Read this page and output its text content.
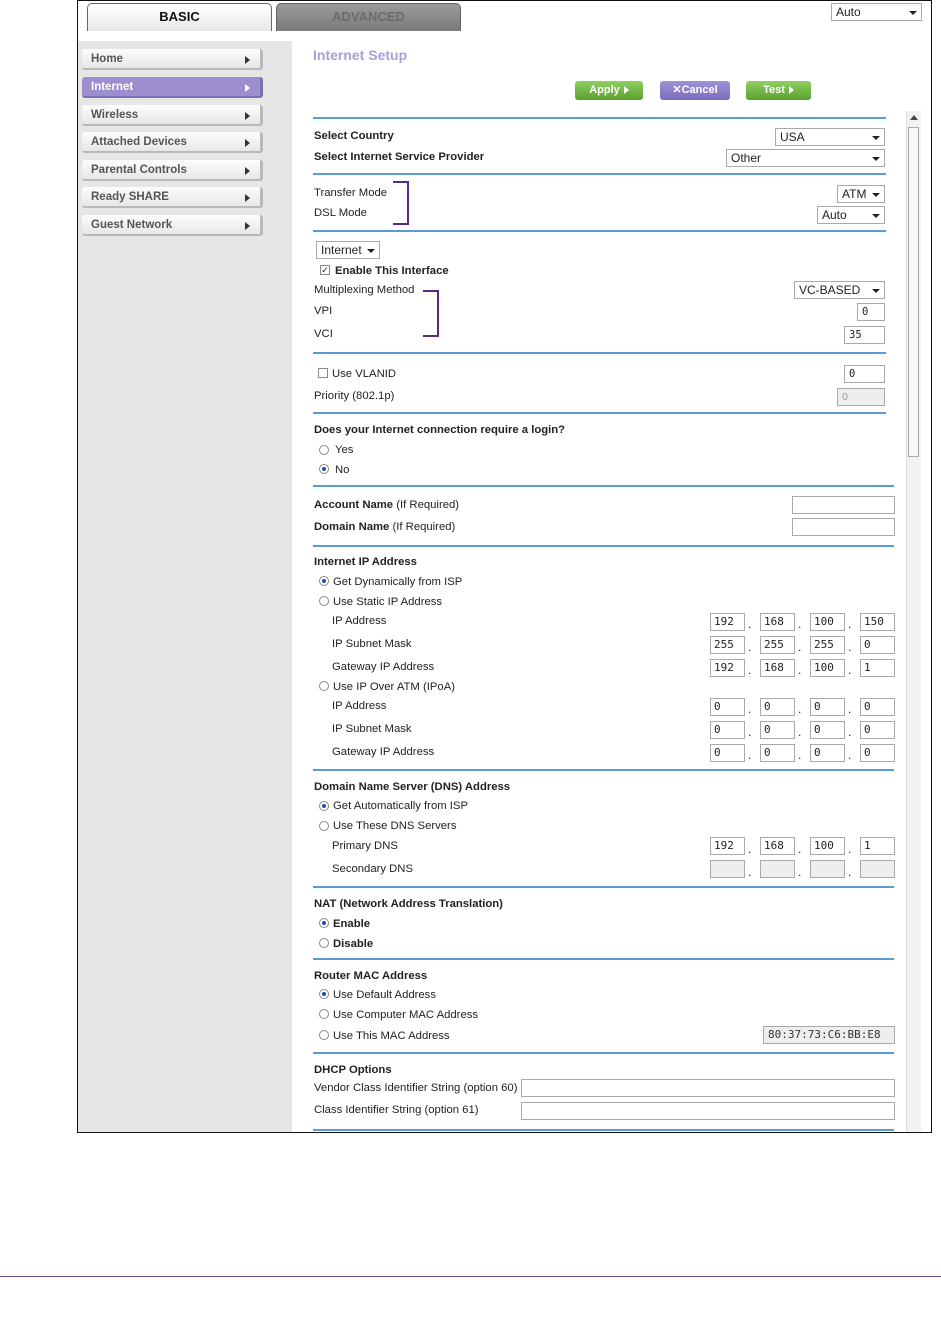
BASIC	ADVANCED	Auto
Home
Internet
Wireless
Attached Devices
Parental Controls
Ready SHARE
Guest Network
Internet Setup
Apply	✕Cancel	Test
Select Country	USA
Select Internet Service Provider	Other
Transfer Mode	ATM
DSL Mode	Auto
Internet
✓ Enable This Interface
Multiplexing Method	VC-BASED
VPI	0
VCI	35
Use VLANID	0
Priority (802.1p)	0
Does your Internet connection require a login?
Yes
No
Account Name (If Required)
Domain Name (If Required)
Internet IP Address
Get Dynamically from ISP
Use Static IP Address
IP Address	192	.	168	.	100	.	150
IP Subnet Mask	255	.	255	.	255	.	0
Gateway IP Address	192	.	168	.	100	.	1
Use IP Over ATM (IPoA)
IP Address	0	.	0	.	0	.	0
IP Subnet Mask	0	.	0	.	0	.	0
Gateway IP Address	0	.	0	.	0	.	0
Domain Name Server (DNS) Address
Get Automatically from ISP
Use These DNS Servers
Primary DNS	192	.	168	.	100	.	1
Secondary DNS	.	.	.
NAT (Network Address Translation)
Enable
Disable
Router MAC Address
Use Default Address
Use Computer MAC Address
Use This MAC Address	80:37:73:C6:BB:E8
DHCP Options
Vendor Class Identifier String (option 60)
Class Identifier String (option 61)
